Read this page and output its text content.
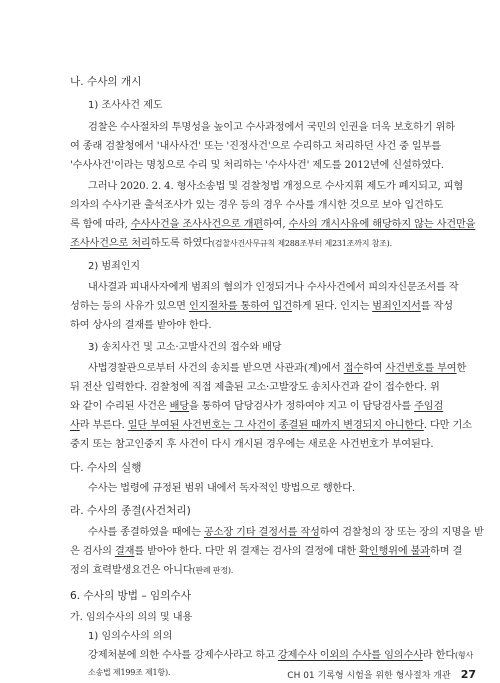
나. 수사의 개시
1) 조사사건 제도
검찰은 수사절차의 투명성을 높이고 수사과정에서 국민의 인권을 더욱 보호하기 위하
여 종래 검찰청에서 '내사사건' 또는 '진정사건'으로 수리하고 처리하던 사건 중 일부를
'수사사건'이라는 명칭으로 수리 및 처리하는 '수사사건' 제도를 2012년에 신설하였다.
그러나 2020. 2. 4. 형사소송법 및 검찰청법 개정으로 수사지휘 제도가 폐지되고, 피혐
의자의 수사기관 출석조사가 있는 경우 등의 경우 수사를 개시한 것으로 보아 입건하도
록 함에 따라, 수사사건을 조사사건으로 개편하여, 수사의 개시사유에 해당하지 않는 사건만을
조사사건으로 처리하도록 하였다(검찰사건사무규칙 제288조부터 제231조까지 참조).
2) 범죄인지
내사결과 피내사자에게 범죄의 혐의가 인정되거나 수사사건에서 피의자신문조서를 작
성하는 등의 사유가 있으면 인지절차를 통하여 입건하게 된다. 인지는 범죄인지서를 작성
하여 상사의 결재를 받아야 한다.
3) 송치사건 및 고소·고발사건의 접수와 배당
사법경찰관으로부터 사건의 송치를 받으면 사관과(계)에서 접수하여 사건번호를 부여한
뒤 전산 입력한다. 검찰청에 직접 제출된 고소·고발장도 송치사건과 같이 접수한다. 위
와 같이 수리된 사건은 배당을 통하여 담당검사가 정하여야 지고 이 담당검사를 주임검
사라 부른다. 일단 부여된 사건번호는 그 사건이 종결된 때까지 변경되지 아니한다. 다만 기소
중지 또는 참고인중지 후 사건이 다시 개시된 경우에는 새로운 사건번호가 부여된다.
다. 수사의 실행
수사는 법령에 규정된 범위 내에서 독자적인 방법으로 행한다.
라. 수사의 종결(사건처리)
수사를 종결하였을 때에는 공소장 기타 결정서를 작성하여 검찰청의 장 또는 장의 지명을 받
은 검사의 결재를 받아야 한다. 다만 위 결재는 검사의 결정에 대한 확인행위에 불과하며 결
정의 효력발생요건은 아니다(판례 판정).
6. 수사의 방법 – 임의수사
가. 임의수사의 의의 및 내용
1) 임의수사의 의의
강제처분에 의한 수사를 강제수사라고 하고 강제수사 이외의 수사를 임의수사라 한다(형사
소송법 제199조 제1항).	CH 01 기록형 시험을 위한 형사절차 개관 27
